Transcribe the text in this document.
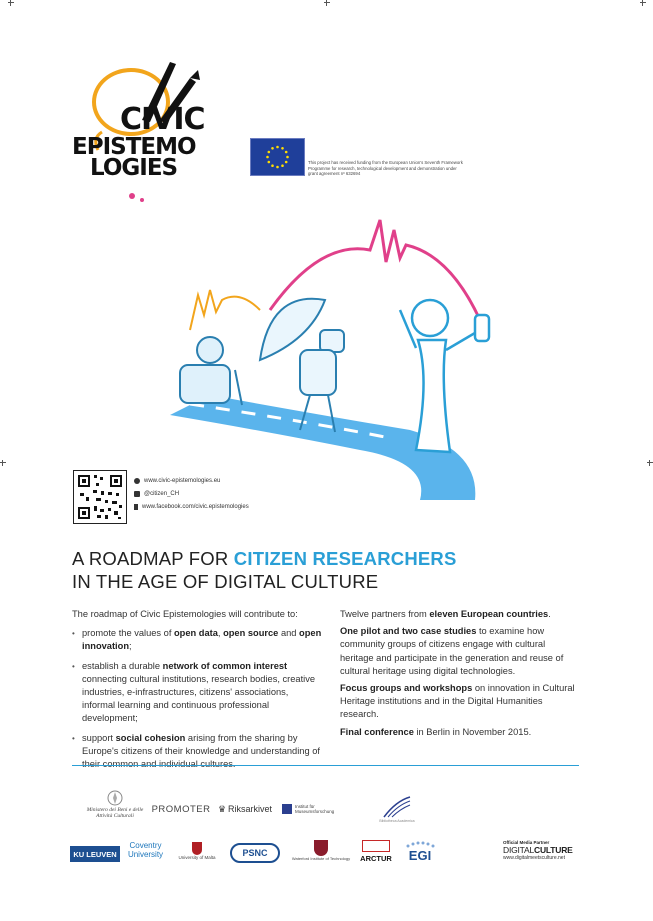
CIVIC
EPISTEMO
LOGIES	This project has received funding from the European Union's Seventh Framework Programme for research, technological development and demonstration under grant agreement nº 632694
www.civic-epistemologies.eu
@citizen_CH
www.facebook.com/civic.epistemologies
A ROADMAP FOR CITIZEN RESEARCHERS
IN THE AGE OF DIGITAL CULTURE

The roadmap of Civic Epistemologies will contribute to:

• promote the values of open data, open source and open innovation;
• establish a durable network of common interest connecting cultural institutions, research bodies, creative industries, e-infrastructures, citizens' associations, informal learning and continuous professional development;
• support social cohesion arising from the sharing by Europe's citizens of their knowledge and understanding of

Twelve partners from eleven European countries.

One pilot and two case studies to examine how community groups of citizens engage with cultural heritage and participate in the generation and reuse of cultural heritage using digital technologies.

Focus groups and workshops on innovation in Cultural Heritage institutions and in the Digital Humanities research.

Final conference in Berlin in November 2015.

Ministero dei Beni e delle Attività Culturali
PROMOTER ♛ Riksarkivet	Institut für Museumsforschung
Bibliotheca Academica
KU LEUVEN
Coventry University	University of Malta	PSNC	Waterford Institute of Technology ARCTUR EGI
Official Media Partner
DIGITALCULTURE
www.digitalmeetsculture.net
